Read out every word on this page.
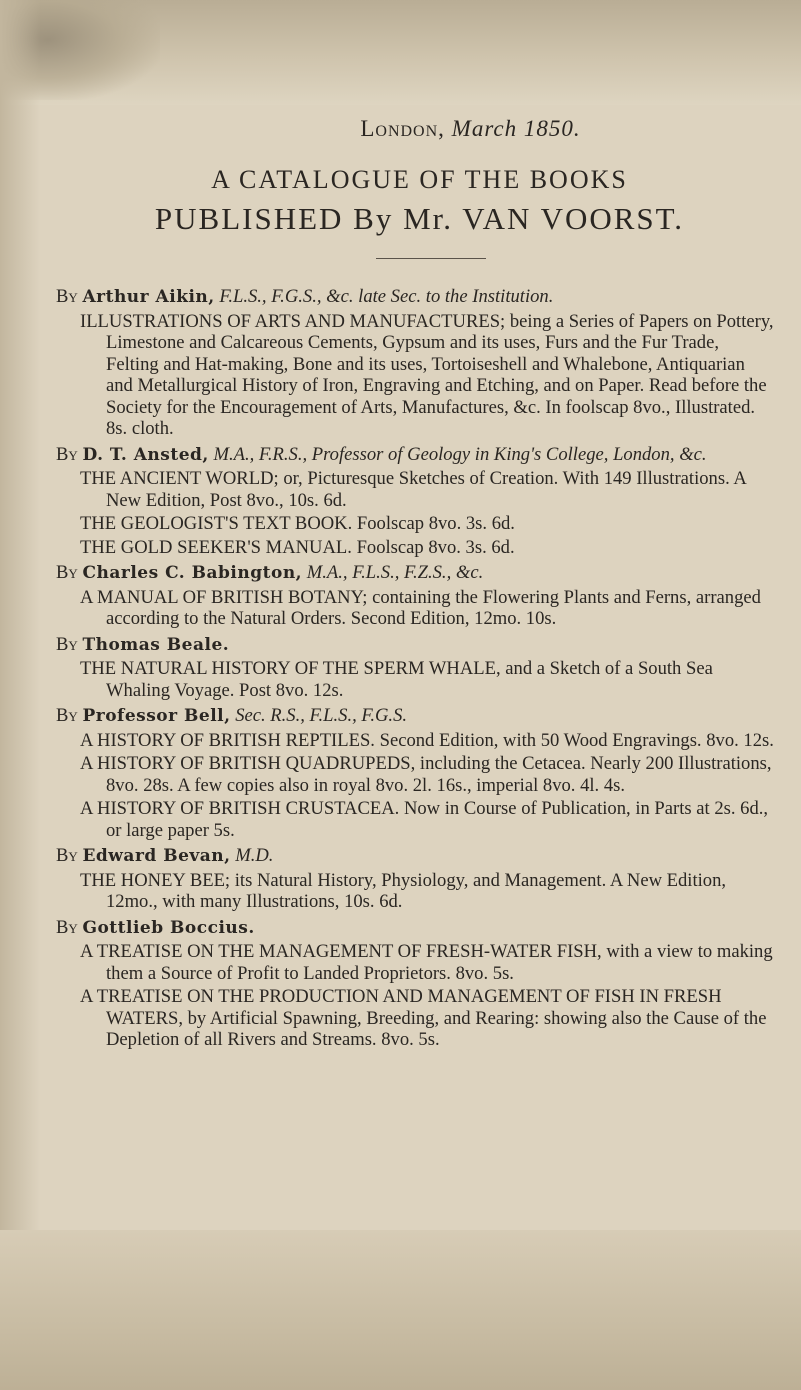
London, March 1850.
A CATALOGUE OF THE BOOKS
PUBLISHED By Mr. VAN VOORST.
By Arthur Aikin, F.L.S., F.G.S., &c. late Sec. to the Institution.
ILLUSTRATIONS OF ARTS AND MANUFACTURES; being a Series of Papers on Pottery, Limestone and Calcareous Cements, Gypsum and its uses, Furs and the Fur Trade, Felting and Hat-making, Bone and its uses, Tortoiseshell and Whalebone, Antiquarian and Metallurgical History of Iron, Engraving and Etching, and on Paper. Read before the Society for the Encouragement of Arts, Manufactures, &c. In foolscap 8vo., Illustrated. 8s. cloth.
By D. T. Ansted, M.A., F.R.S., Professor of Geology in King's College, London, &c.
THE ANCIENT WORLD; or, Picturesque Sketches of Creation. With 149 Illustrations. A New Edition, Post 8vo., 10s. 6d.
THE GEOLOGIST'S TEXT BOOK. Foolscap 8vo. 3s. 6d.
THE GOLD SEEKER'S MANUAL. Foolscap 8vo. 3s. 6d.
By Charles C. Babington, M.A., F.L.S., F.Z.S., &c.
A MANUAL OF BRITISH BOTANY; containing the Flowering Plants and Ferns, arranged according to the Natural Orders. Second Edition, 12mo. 10s.
By Thomas Beale.
THE NATURAL HISTORY OF THE SPERM WHALE, and a Sketch of a South Sea Whaling Voyage. Post 8vo. 12s.
By Professor Bell, Sec. R.S., F.L.S., F.G.S.
A HISTORY OF BRITISH REPTILES. Second Edition, with 50 Wood Engravings. 8vo. 12s.
A HISTORY OF BRITISH QUADRUPEDS, including the Cetacea. Nearly 200 Illustrations, 8vo. 28s. A few copies also in royal 8vo. 2l. 16s., imperial 8vo. 4l. 4s.
A HISTORY OF BRITISH CRUSTACEA. Now in Course of Publication, in Parts at 2s. 6d., or large paper 5s.
By Edward Bevan, M.D.
THE HONEY BEE; its Natural History, Physiology, and Management. A New Edition, 12mo., with many Illustrations, 10s. 6d.
By Gottlieb Boccius.
A TREATISE ON THE MANAGEMENT OF FRESH-WATER FISH, with a view to making them a Source of Profit to Landed Proprietors. 8vo. 5s.
A TREATISE ON THE PRODUCTION AND MANAGEMENT OF FISH IN FRESH WATERS, by Artificial Spawning, Breeding, and Rearing: showing also the Cause of the Depletion of all Rivers and Streams. 8vo. 5s.
